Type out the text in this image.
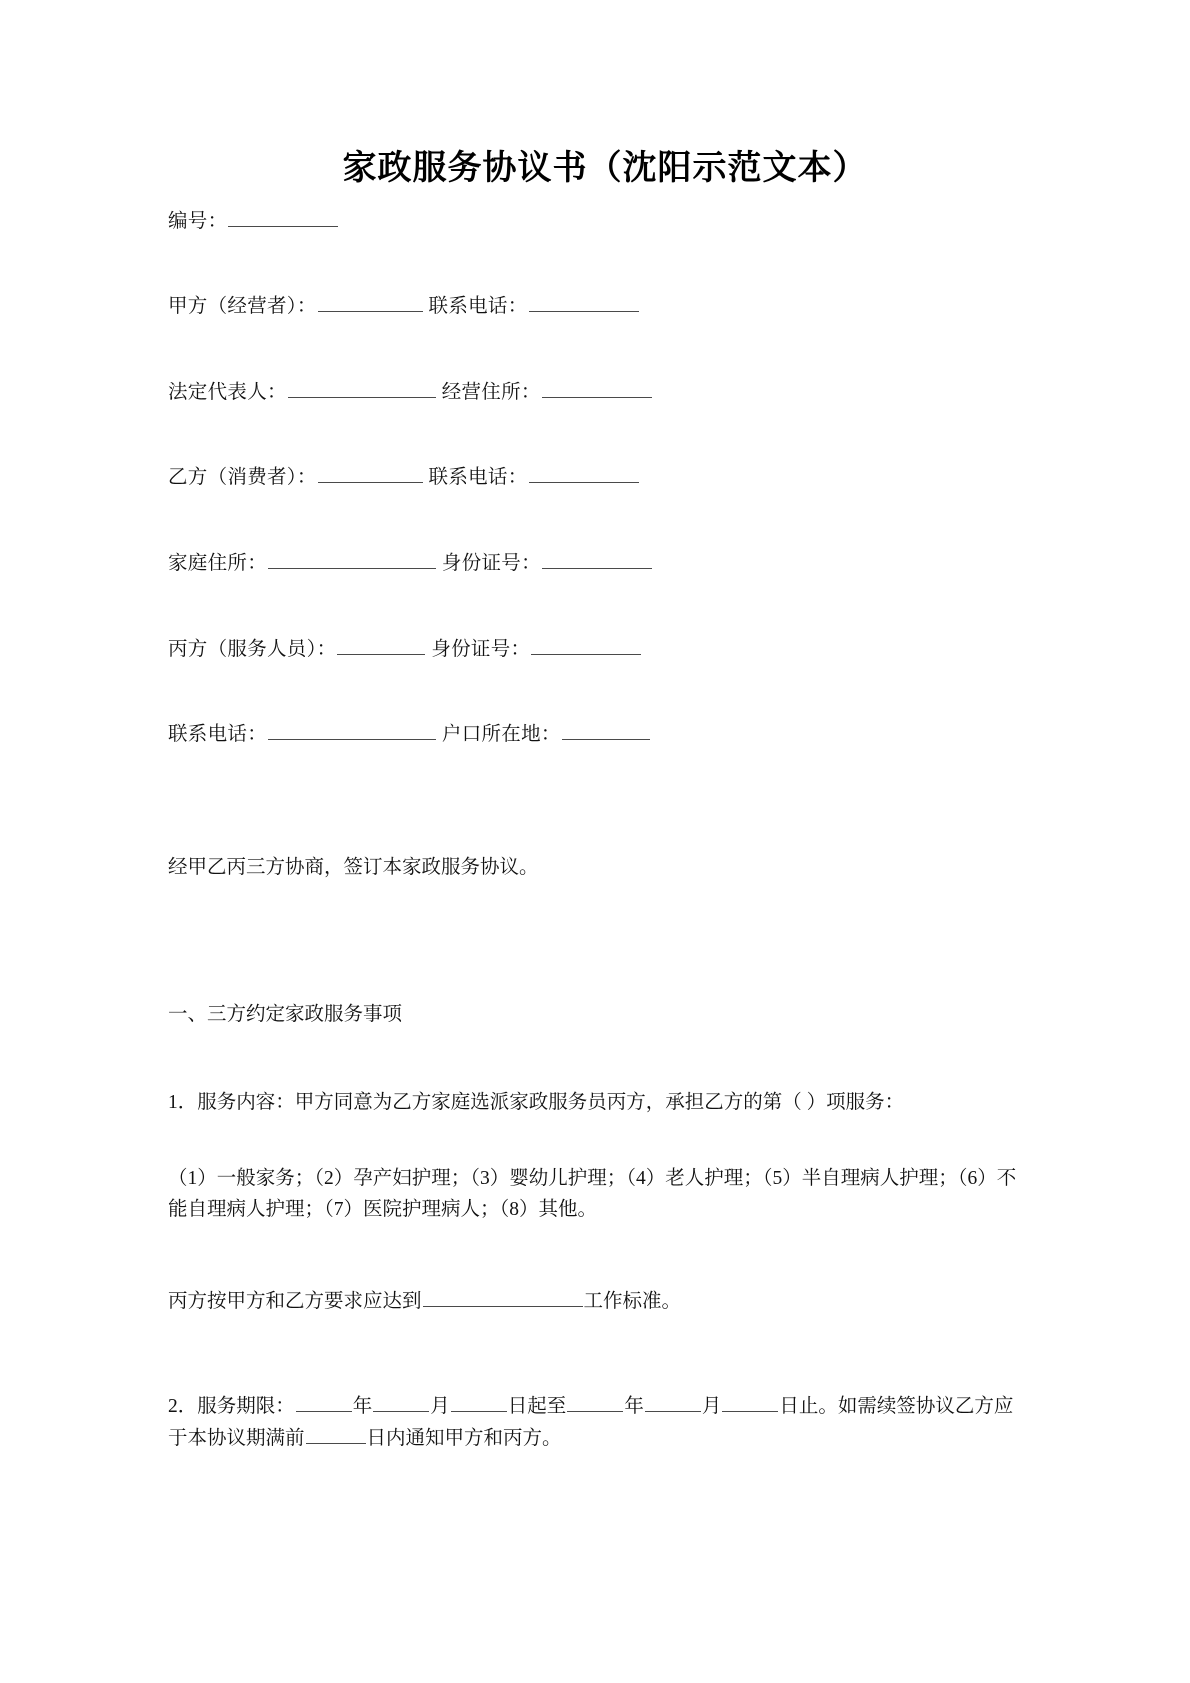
家政服务协议书（沈阳示范文本）
编号：
甲方（经营者）：	联系电话：
法定代表人：	经营住所：
乙方（消费者）：	联系电话：
家庭住所：	身份证号：
丙方（服务人员）：	身份证号：
联系电话：	户口所在地：
经甲乙丙三方协商，签订本家政服务协议。
一、三方约定家政服务事项
1．服务内容：甲方同意为乙方家庭选派家政服务员丙方，承担乙方的第（ ）项服务：
（1）一般家务；（2）孕产妇护理；（3）婴幼儿护理；（4）老人护理；（5）半自理病人护理；（6）不能自理病人护理；（7）医院护理病人；（8）其他。
丙方按甲方和乙方要求应达到	工作标准。
2．服务期限：	年	月	日起至	年	月	日止。如需续签协议乙方应于本协议期满前	日内通知甲方和丙方。
